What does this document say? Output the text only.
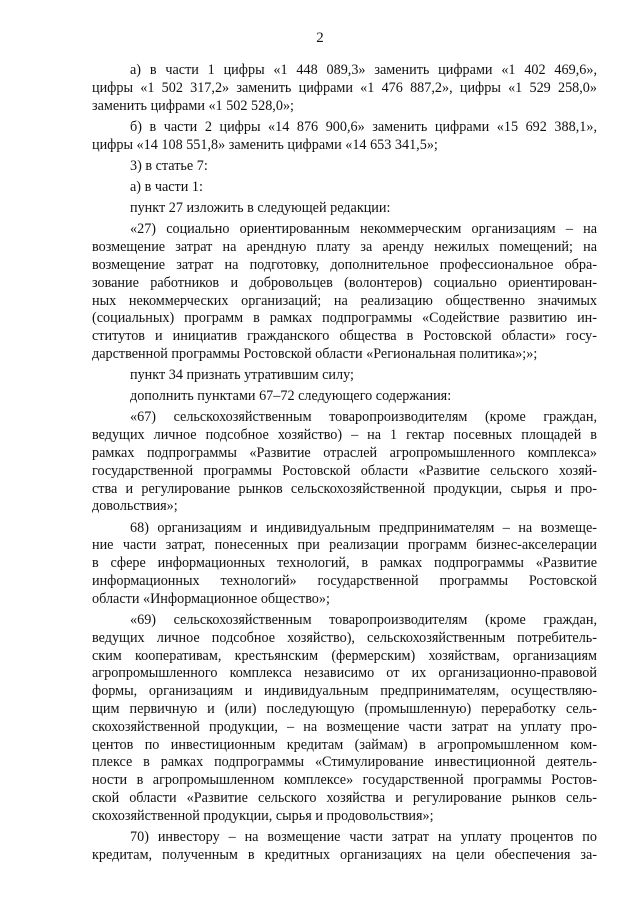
2
а) в части 1 цифры «1 448 089,3» заменить цифрами «1 402 469,6»,
цифры «1 502 317,2» заменить цифрами «1 476 887,2», цифры «1 529 258,0»
заменить цифрами «1 502 528,0»;
б) в части 2 цифры «14 876 900,6» заменить цифрами «15 692 388,1»,
цифры «14 108 551,8» заменить цифрами «14 653 341,5»;
3) в статье 7:
а) в части 1:
пункт 27 изложить в следующей редакции:
«27) социально ориентированным некоммерческим организациям – на
возмещение затрат на арендную плату за аренду нежилых помещений; на
возмещение затрат на подготовку, дополнительное профессиональное обра-
зование работников и добровольцев (волонтеров) социально ориентирован-
ных некоммерческих организаций; на реализацию общественно значимых
(социальных) программ в рамках подпрограммы «Содействие развитию ин-
ститутов и инициатив гражданского общества в Ростовской области» госу-
дарственной программы Ростовской области «Региональная политика»;»;
пункт 34 признать утратившим силу;
дополнить пунктами 67–72 следующего содержания:
«67) сельскохозяйственным товаропроизводителям (кроме граждан,
ведущих личное подсобное хозяйство) – на 1 гектар посевных площадей в
рамках подпрограммы «Развитие отраслей агропромышленного комплекса»
государственной программы Ростовской области «Развитие сельского хозяй-
ства и регулирование рынков сельскохозяйственной продукции, сырья и про-
довольствия»;
68) организациям и индивидуальным предпринимателям – на возмеще-
ние части затрат, понесенных при реализации программ бизнес-акселерации
в сфере информационных технологий, в рамках подпрограммы «Развитие
информационных технологий» государственной программы Ростовской
области «Информационное общество»;
«69) сельскохозяйственным товаропроизводителям (кроме граждан,
ведущих личное подсобное хозяйство), сельскохозяйственным потребитель-
ским кооперативам, крестьянским (фермерским) хозяйствам, организациям
агропромышленного комплекса независимо от их организационно-правовой
формы, организациям и индивидуальным предпринимателям, осуществляю-
щим первичную и (или) последующую (промышленную) переработку сель-
скохозяйственной продукции, – на возмещение части затрат на уплату про-
центов по инвестиционным кредитам (займам) в агропромышленном ком-
плексе в рамках подпрограммы «Стимулирование инвестиционной деятель-
ности в агропромышленном комплексе» государственной программы Ростов-
ской области «Развитие сельского хозяйства и регулирование рынков сель-
скохозяйственной продукции, сырья и продовольствия»;
70) инвестору – на возмещение части затрат на уплату процентов по
кредитам, полученным в кредитных организациях на цели обеспечения за-
